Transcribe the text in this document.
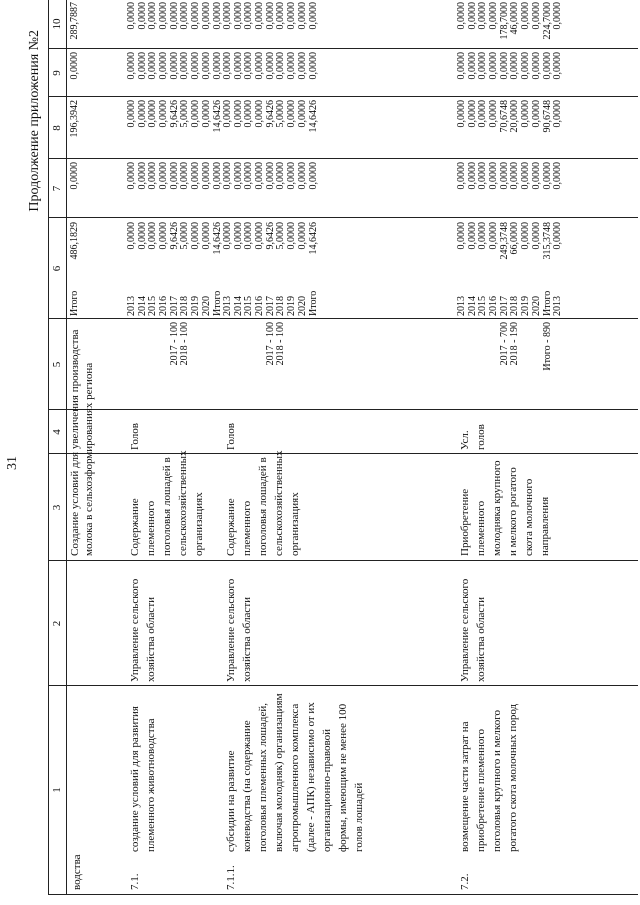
31
Продолжение приложения №2
1
2
3
4
5
6
7
8
9
10
водства
Создание условий для увеличения производства молока в сельхозформированиях региона
Итого
486,1829
0,0000
196,3942
0,0000
289,7887
7.1.
создание условий для развития племенного животноводства
Управление сельского хозяйства области
Содержание племенного поголовья лошадей в сельскохозяйственных организациях
Голов
2017 - 100 2018 - 100
2013 2014 2015 2016 2017 2018 2019 2020 Итого
0,0000 0,0000 0,0000 0,0000 9,6426 5,0000 0,0000 0,0000 14,6426
0,0000 0,0000 0,0000 0,0000 0,0000 0,0000 0,0000 0,0000 0,0000
0,0000 0,0000 0,0000 0,0000 9,6426 5,0000 0,0000 0,0000 14,6426
0,0000 0,0000 0,0000 0,0000 0,0000 0,0000 0,0000 0,0000 0,0000
0,0000 0,0000 0,0000 0,0000 0,0000 0,0000 0,0000 0,0000 0,0000
7.1.1.
субсидии на развитие коневодства (на содержание поголовья племенных лошадей, включая молодняк) организациям агропромышленного комплекса (далее - АПК) независимо от их организационно-правовой формы, имеющим не менее 100 голов лошадей
Управление сельского хозяйства области
Содержание племенного поголовья лошадей в сельскохозяйственных организациях
Голов
2017 - 100 2018 - 100
2013 2014 2015 2016 2017 2018 2019 2020 Итого
0,0000 0,0000 0,0000 0,0000 9,6426 5,0000 0,0000 0,0000 14,6426
0,0000 0,0000 0,0000 0,0000 0,0000 0,0000 0,0000 0,0000 0,0000
0,0000 0,0000 0,0000 0,0000 9,6426 5,0000 0,0000 0,0000 14,6426
0,0000 0,0000 0,0000 0,0000 0,0000 0,0000 0,0000 0,0000 0,0000
0,0000 0,0000 0,0000 0,0000 0,0000 0,0000 0,0000 0,0000 0,0000
7.2.
возмещение части затрат на приобретение племенного поголовья крупного и мелкого рогатого скота молочных пород
Управление сельского хозяйства области
Приобретение племенного молодняка крупного и мелкого рогатого скота молочного направления
Усл. голов
2017 - 700 2018 - 190 Итого - 890
2013 2014 2015 2016 2017 2018 2019 2020 Итого 2013
0,0000 0,0000 0,0000 0,0000 249,3748 66,0000 0,0000 0,0000 315,3748 0,0000
0,0000 0,0000 0,0000 0,0000 0,0000 0,0000 0,0000 0,0000 0,0000 0,0000
0,0000 0,0000 0,0000 0,0000 70,6748 20,0000 0,0000 0,0000 90,6748 0,0000
0,0000 0,0000 0,0000 0,0000 0,0000 0,0000 0,0000 0,0000 0,0000 0,0000
0,0000 0,0000 0,0000 0,0000 178,7000 46,0000 0,0000 0,0000 224,7000 0,0000
